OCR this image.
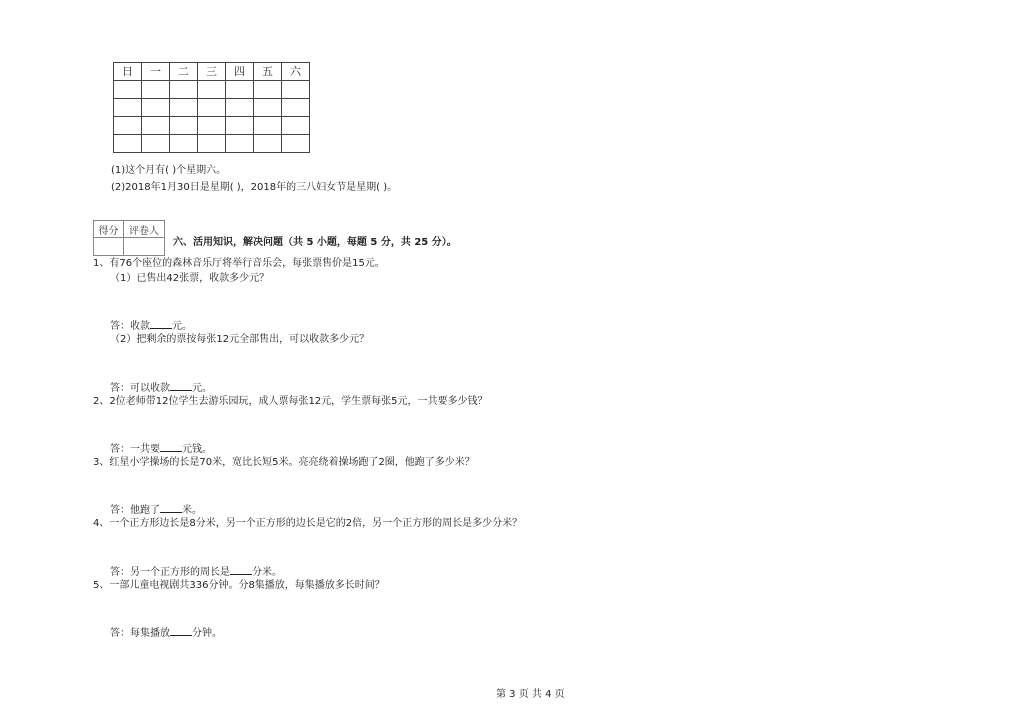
日	一	二	三	四	五	六

(1)这个月有( )个星期六。
(2)2018年1月30日是星期( )，2018年的三八妇女节是星期( )。
得分	评卷人

六、活用知识，解决问题（共 5 小题，每题 5 分，共 25 分）。
1、有76个座位的森林音乐厅将举行音乐会，每张票售价是15元。
（1）已售出42张票，收款多少元？
答：收款 元。
（2）把剩余的票按每张12元全部售出，可以收款多少元？
答：可以收款 元。
2、2位老师带12位学生去游乐园玩，成人票每张12元，学生票每张5元，一共要多少钱？
答：一共要 元钱。
3、红星小学操场的长是70米，宽比长短5米。亮亮绕着操场跑了2圈，他跑了多少米？
答：他跑了 米。
4、一个正方形边长是8分米，另一个正方形的边长是它的2倍，另一个正方形的周长是多少分米？
答：另一个正方形的周长是 分米。
5、一部儿童电视剧共336分钟。分8集播放，每集播放多长时间？
答：每集播放 分钟。
第 3 页 共 4 页
